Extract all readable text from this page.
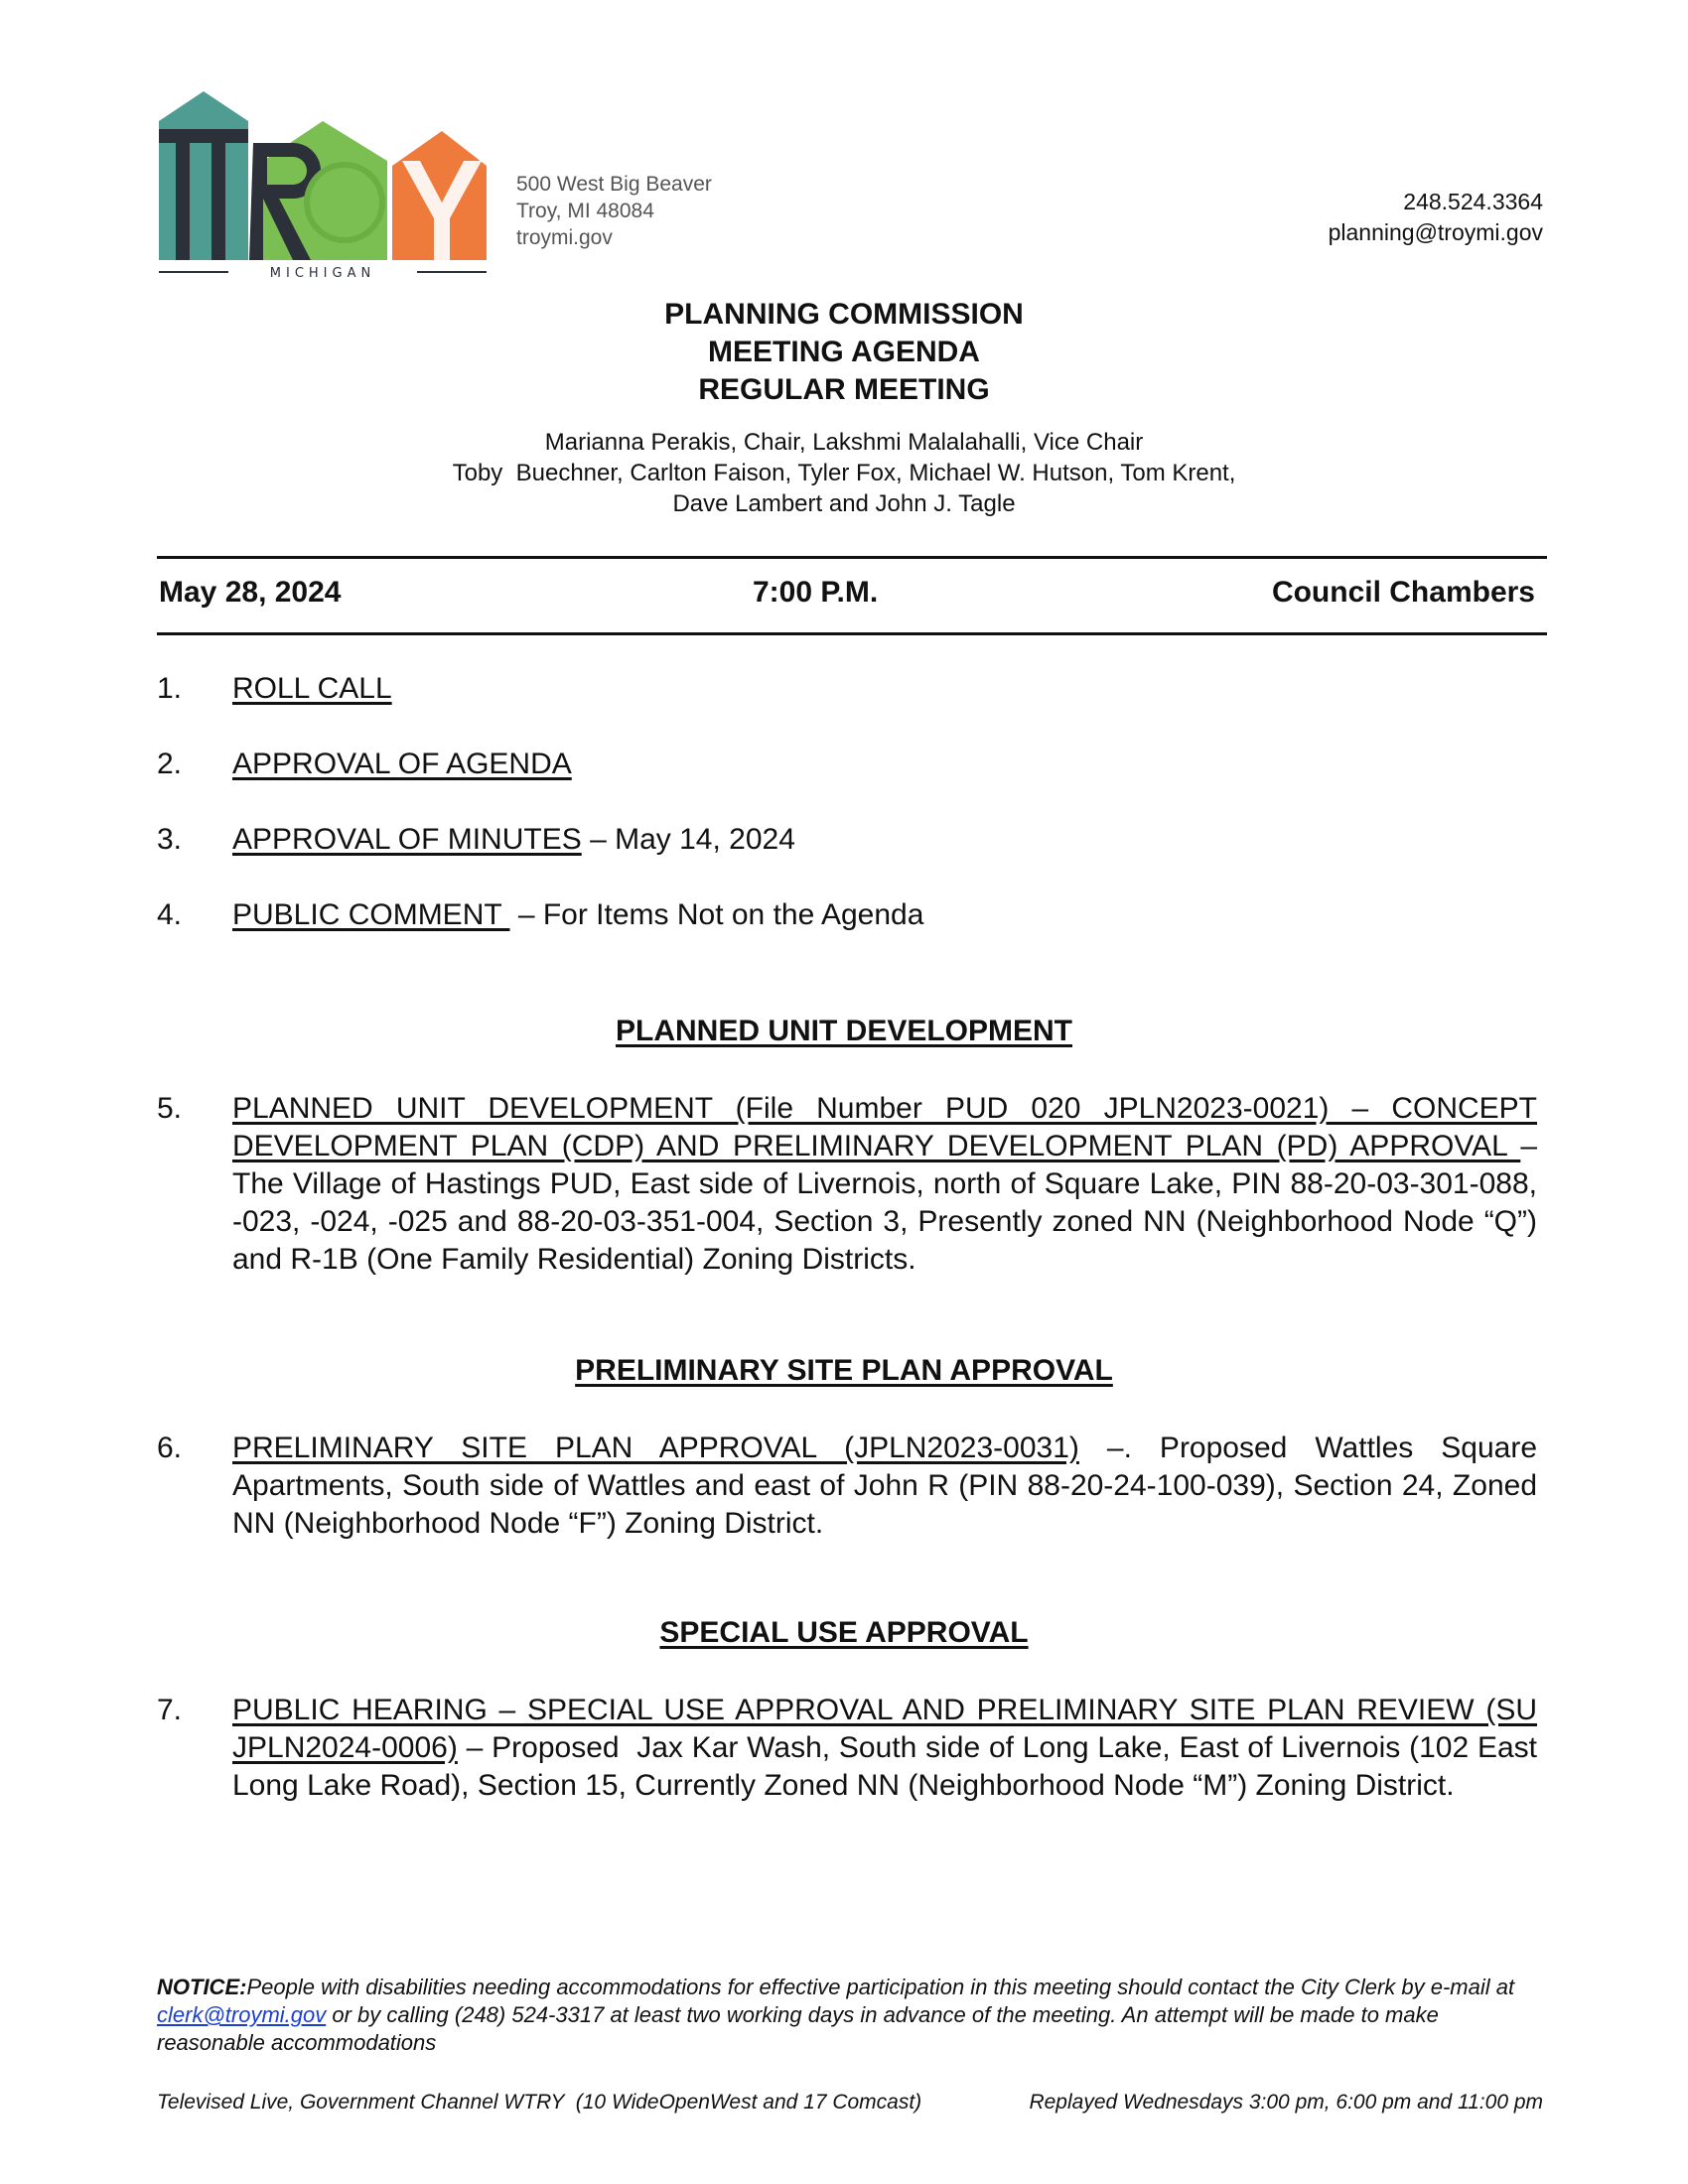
MICHIGAN
500 West Big Beaver
Troy, MI 48084
troymi.gov
248.524.3364
planning@troymi.gov
PLANNING COMMISSION
MEETING AGENDA
REGULAR MEETING
Marianna Perakis, Chair, Lakshmi Malalahalli, Vice Chair
Toby  Buechner, Carlton Faison, Tyler Fox, Michael W. Hutson, Tom Krent,
Dave Lambert and John J. Tagle
May 28, 2024	7:00 P.M.	Council Chambers
1. ROLL CALL
2. APPROVAL OF AGENDA
3. APPROVAL OF MINUTES – May 14, 2024
4. PUBLIC COMMENT  – For Items Not on the Agenda
PLANNED UNIT DEVELOPMENT
5. PLANNED UNIT DEVELOPMENT (File Number PUD 020 JPLN2023-0021) – CONCEPT DEVELOPMENT PLAN (CDP) AND PRELIMINARY DEVELOPMENT PLAN (PD) APPROVAL – The Village of Hastings PUD, East side of Livernois, north of Square Lake, PIN 88-20-03-301-088, -023, -024, -025 and 88-20-03-351-004, Section 3, Presently zoned NN (Neighborhood Node “Q”) and R-1B (One Family Residential) Zoning Districts.
PRELIMINARY SITE PLAN APPROVAL
6. PRELIMINARY SITE PLAN APPROVAL (JPLN2023-0031) –. Proposed Wattles Square Apartments, South side of Wattles and east of John R (PIN 88-20-24-100-039), Section 24, Zoned NN (Neighborhood Node “F”) Zoning District.
SPECIAL USE APPROVAL
7. PUBLIC HEARING – SPECIAL USE APPROVAL AND PRELIMINARY SITE PLAN REVIEW (SU JPLN2024-0006) – Proposed  Jax Kar Wash, South side of Long Lake, East of Livernois (102 East Long Lake Road), Section 15, Currently Zoned NN (Neighborhood Node “M”) Zoning District.
NOTICE:People with disabilities needing accommodations for effective participation in this meeting should contact the City Clerk by e-mail at clerk@troymi.gov or by calling (248) 524-3317 at least two working days in advance of the meeting. An attempt will be made to make reasonable accommodations
Televised Live, Government Channel WTRY  (10 WideOpenWest and 17 Comcast)	Replayed Wednesdays 3:00 pm, 6:00 pm and 11:00 pm
